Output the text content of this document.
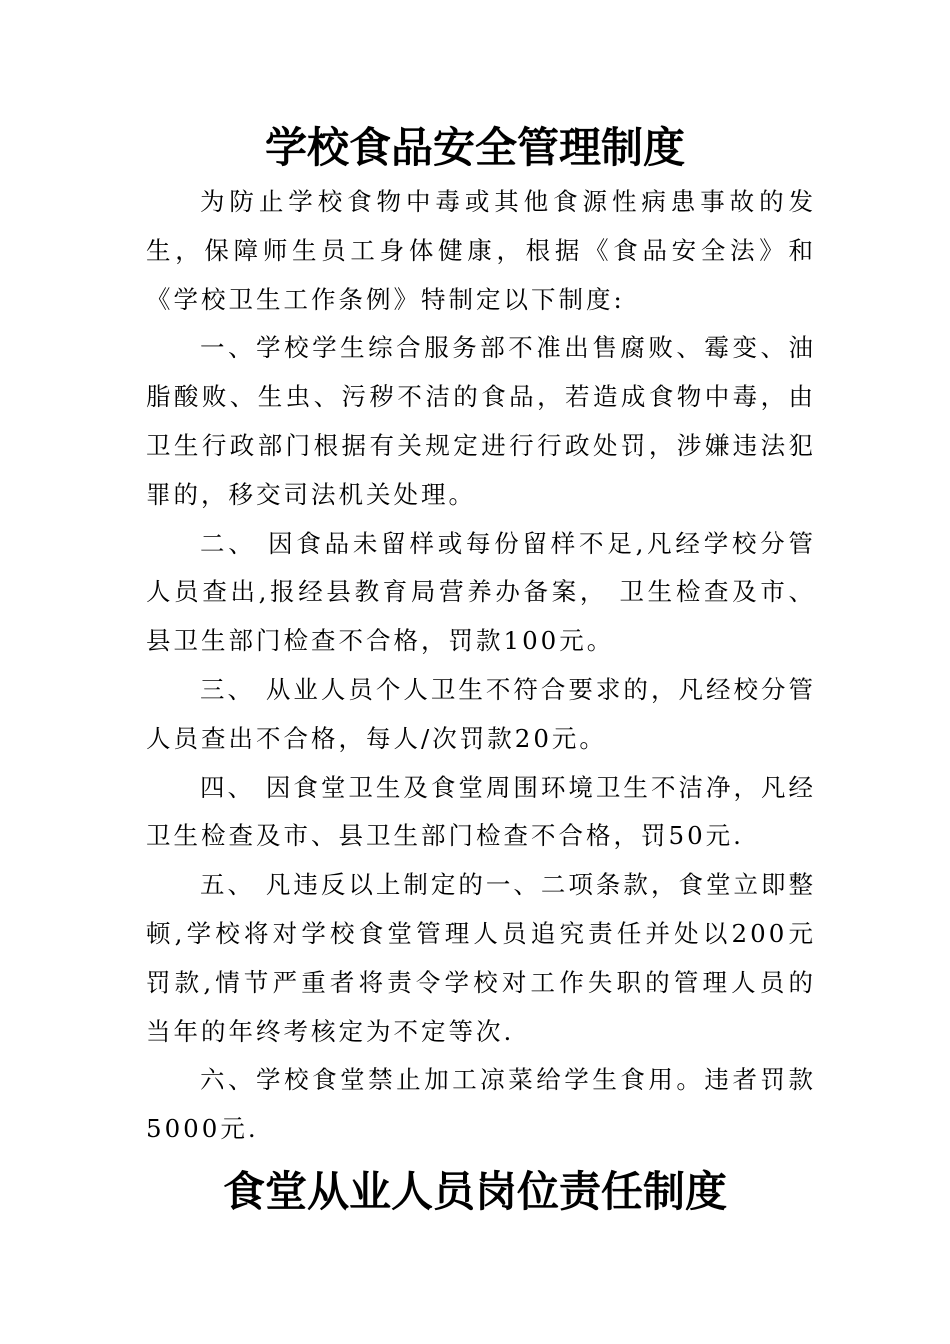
学校食品安全管理制度

为防止学校食物中毒或其他食源性病患事故的发生，保障师生员工身体健康，根据《食品安全法》和《学校卫生工作条例》特制定以下制度:

一、学校学生综合服务部不准出售腐败、霉变、油脂酸败、生虫、污秽不洁的食品，若造成食物中毒，由卫生行政部门根据有关规定进行行政处罚，涉嫌违法犯罪的，移交司法机关处理。

二、 因食品未留样或每份留样不足,凡经学校分管人员查出,报经县教育局营养办备案， 卫生检查及市、县卫生部门检查不合格，罚款100元。

三、 从业人员个人卫生不符合要求的，凡经校分管人员查出不合格，每人/次罚款20元。

四、 因食堂卫生及食堂周围环境卫生不洁净，凡经卫生检查及市、县卫生部门检查不合格，罚50元.

五、 凡违反以上制定的一、二项条款，食堂立即整顿,学校将对学校食堂管理人员追究责任并处以200元罚款,情节严重者将责令学校对工作失职的管理人员的当年的年终考核定为不定等次.

六、学校食堂禁止加工凉菜给学生食用。违者罚款5000元.

食堂从业人员岗位责任制度
